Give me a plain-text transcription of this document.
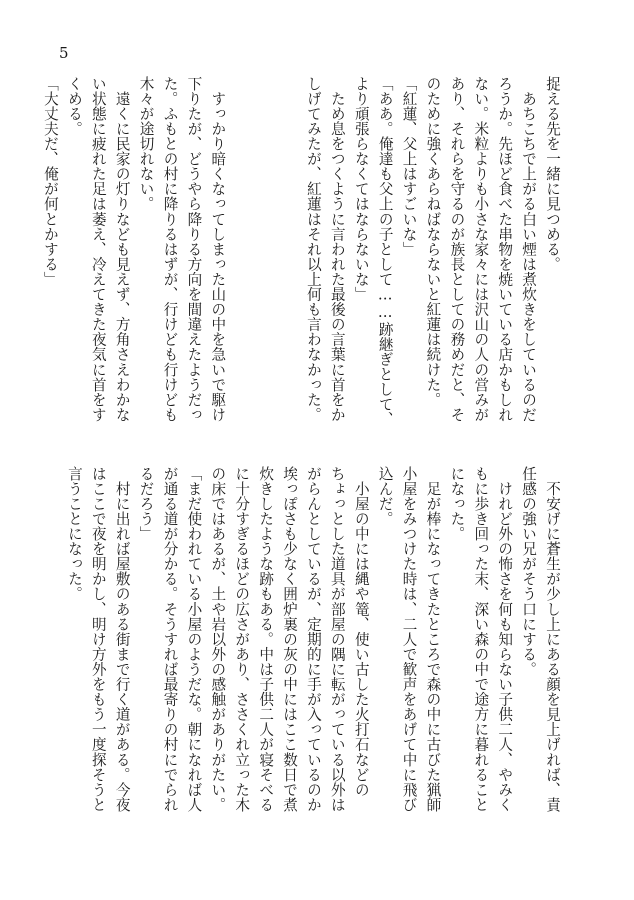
5
捉える先を一緒に見つめる。
　あちこちで上がる白い煙は煮炊きをしているのだ
ろうか。先ほど食べた串物を焼いている店かもしれ
ない。米粒よりも小さな家々には沢山の人の営みが
あり、それらを守るのが族長としての務めだと、そ
のために強くあらねばならないと紅蓮は続けた。
「紅蓮、父上はすごいな」
「ああ。俺達も父上の子として……跡継ぎとして、
より頑張らなくてはならないな」
　ため息をつくように言われた最後の言葉に首をか
しげてみたが、紅蓮はそれ以上何も言わなかった。

　すっかり暗くなってしまった山の中を急いで駆け
下りたが、どうやら降りる方向を間違えたようだっ
た。ふもとの村に降りるはずが、行けども行けども
木々が途切れない。
　遠くに民家の灯りなども見えず、方角さえわかな
い状態に疲れた足は萎え、冷えてきた夜気に首をす
くめる。
「大丈夫だ、俺が何とかする」
　不安げに蒼生が少し上にある顔を見上げれば、責
任感の強い兄がそう口にする。
　けれど外の怖さを何も知らない子供二人、やみく
もに歩き回った末、深い森の中で途方に暮れること
になった。
　足が棒になってきたところで森の中に古びた猟師
小屋をみつけた時は、二人で歓声をあげて中に飛び
込んだ。
　小屋の中には縄や篭、使い古した火打石などの
ちょっとした道具が部屋の隅に転がっている以外は
がらんとしているが、定期的に手が入っているのか
埃っぽさも少なく囲炉裏の灰の中にはここ数日で煮
炊きしたような跡もある。中は子供二人が寝そべる
に十分すぎるほどの広さがあり、ささくれ立った木
の床ではあるが、土や岩以外の感触がありがたい。
「まだ使われている小屋のようだな。朝になれば人
が通る道が分かる。そうすれば最寄りの村にでられ
るだろう」
　村に出れば屋敷のある街まで行く道がある。今夜
はここで夜を明かし、明け方外をもう一度探そうと
言うことになった。
